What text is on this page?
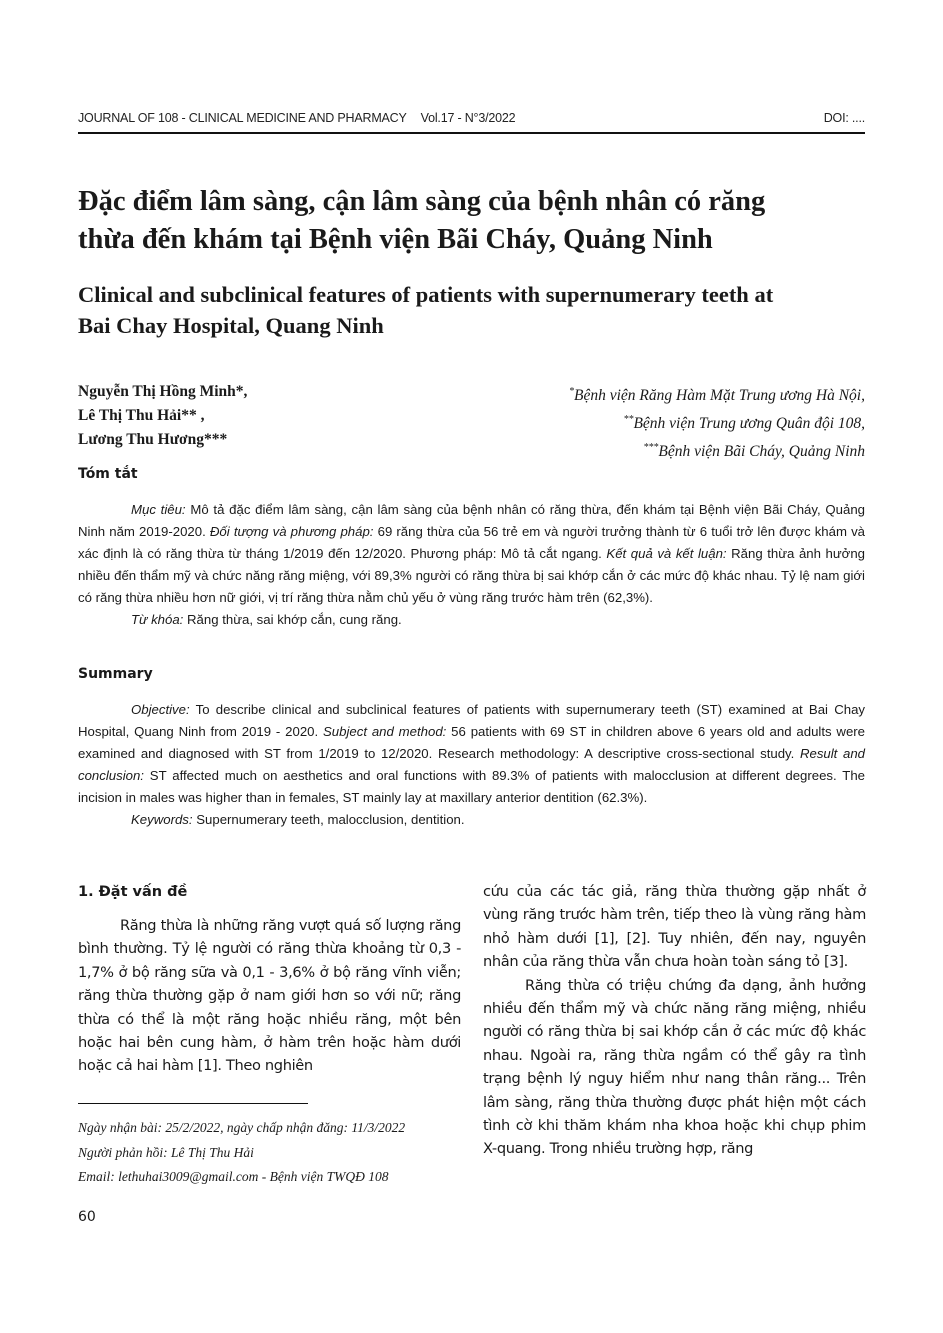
JOURNAL OF 108 - CLINICAL MEDICINE AND PHARMACY Vol.17 - N°3/2022	DOI: ....
Đặc điểm lâm sàng, cận lâm sàng của bệnh nhân có răng
thừa đến khám tại Bệnh viện Bãi Cháy, Quảng Ninh
Clinical and subclinical features of patients with supernumerary teeth at
Bai Chay Hospital, Quang Ninh
Nguyễn Thị Hồng Minh*,
Lê Thị Thu Hải** ,
Lương Thu Hương***
*Bệnh viện Răng Hàm Mặt Trung ương Hà Nội,
**Bệnh viện Trung ương Quân đội 108,
***Bệnh viện Bãi Cháy, Quảng Ninh
Tóm tắt

Mục tiêu: Mô tả đặc điểm lâm sàng, cận lâm sàng của bệnh nhân có răng thừa, đến khám tại Bệnh viện Bãi Cháy, Quảng Ninh năm 2019-2020. Đối tượng và phương pháp: 69 răng thừa của 56 trẻ em và người trưởng thành từ 6 tuổi trở lên được khám và xác định là có răng thừa từ tháng 1/2019 đến 12/2020. Phương pháp: Mô tả cắt ngang. Kết quả và kết luận: Răng thừa ảnh hưởng nhiều đến thẩm mỹ và chức năng răng miệng, với 89,3% người có răng thừa bị sai khớp cắn ở các mức độ khác nhau. Tỷ lệ nam giới có răng thừa nhiều hơn nữ giới, vị trí răng thừa nằm chủ yếu ở vùng răng trước hàm trên (62,3%).

Từ khóa: Răng thừa, sai khớp cắn, cung răng.

Summary

Objective: To describe clinical and subclinical features of patients with supernumerary teeth (ST) examined at Bai Chay Hospital, Quang Ninh from 2019 - 2020. Subject and method: 56 patients with 69 ST in children above 6 years old and adults were examined and diagnosed with ST from 1/2019 to 12/2020. Research methodology: A descriptive cross-sectional study. Result and conclusion: ST affected much on aesthetics and oral functions with 89.3% of patients with malocclusion at different degrees. The incision in males was higher than in females, ST mainly lay at maxillary anterior dentition (62.3%).

Keywords: Supernumerary teeth, malocclusion, dentition.

1. Đặt vấn đề

Răng thừa là những răng vượt quá số lượng răng bình thường. Tỷ lệ người có răng thừa khoảng từ 0,3 - 1,7% ở bộ răng sữa và 0,1 - 3,6% ở bộ răng vĩnh viễn; răng thừa thường gặp ở nam giới hơn so với nữ; răng thừa có thể là một răng hoặc nhiều răng, một bên hoặc hai bên cung hàm, ở hàm trên hoặc hàm dưới hoặc cả hai hàm [1]. Theo nghiên

cứu của các tác giả, răng thừa thường gặp nhất ở vùng răng trước hàm trên, tiếp theo là vùng răng hàm nhỏ hàm dưới [1], [2]. Tuy nhiên, đến nay, nguyên nhân của răng thừa vẫn chưa hoàn toàn sáng tỏ [3].

Răng thừa có triệu chứng đa dạng, ảnh hưởng nhiều đến thẩm mỹ và chức năng răng miệng, nhiều người có răng thừa bị sai khớp cắn ở các mức độ khác nhau. Ngoài ra, răng thừa ngầm có thể gây ra tình trạng bệnh lý nguy hiểm như nang thân răng... Trên lâm sàng, răng thừa thường được phát hiện một cách tình cờ khi thăm khám nha khoa hoặc khi chụp phim X-quang. Trong nhiều trường hợp, răng

Ngày nhận bài: 25/2/2022, ngày chấp nhận đăng: 11/3/2022
Người phản hồi: Lê Thị Thu Hải
Email: lethuhai3009@gmail.com - Bệnh viện TWQĐ 108
60
